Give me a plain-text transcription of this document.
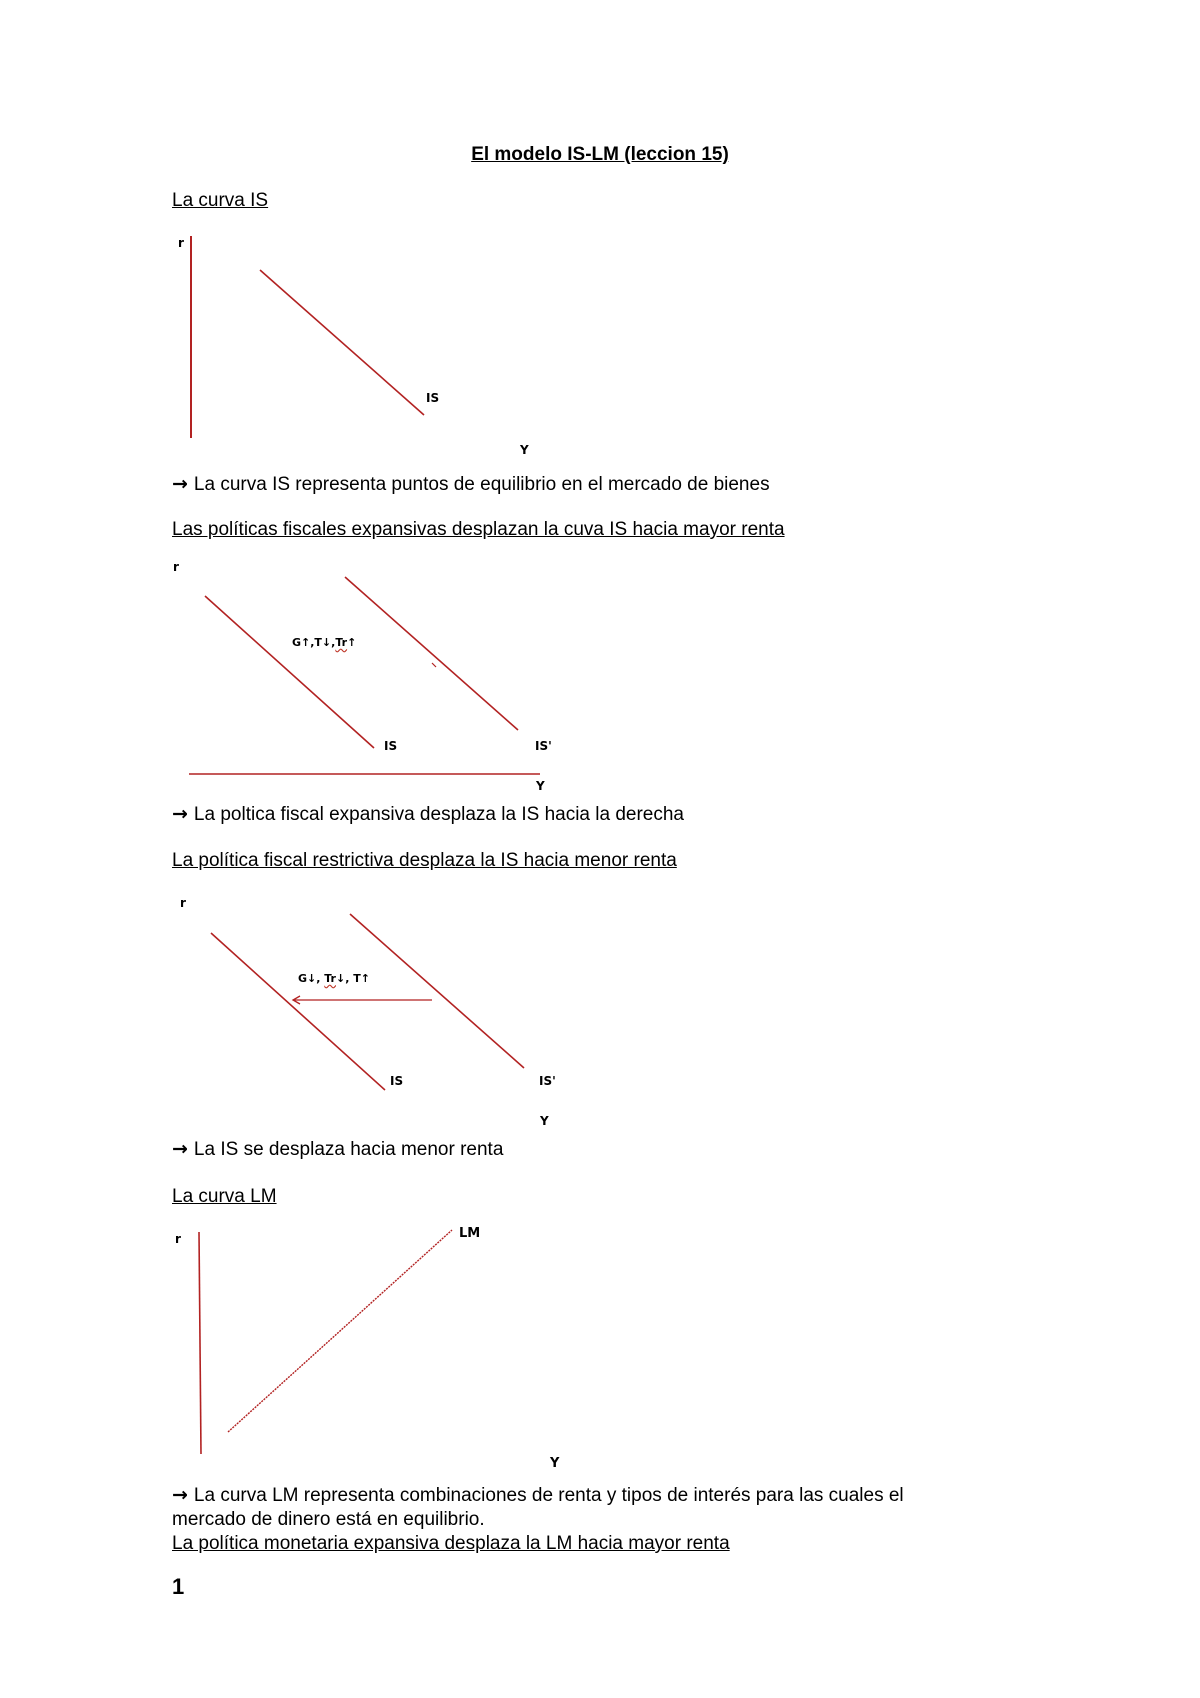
El modelo IS-LM (leccion 15)
La curva IS
r
IS
Y
→ La curva IS representa puntos de equilibrio en el mercado de bienes
Las políticas fiscales expansivas desplazan la cuva IS hacia mayor renta
r
G↑,T↓,Tr↑
IS	IS'
Y
→ La poltica fiscal expansiva desplaza la IS hacia la derecha
La política fiscal restrictiva desplaza la IS hacia menor renta
r
G↓, Tr↓, T↑
IS	IS'
Y
→ La IS se desplaza hacia menor renta
La curva LM
r	LM
Y
→ La curva LM representa combinaciones de renta y tipos de interés para las cuales el
mercado de dinero está en equilibrio.
La política monetaria expansiva desplaza la LM hacia mayor renta
1
